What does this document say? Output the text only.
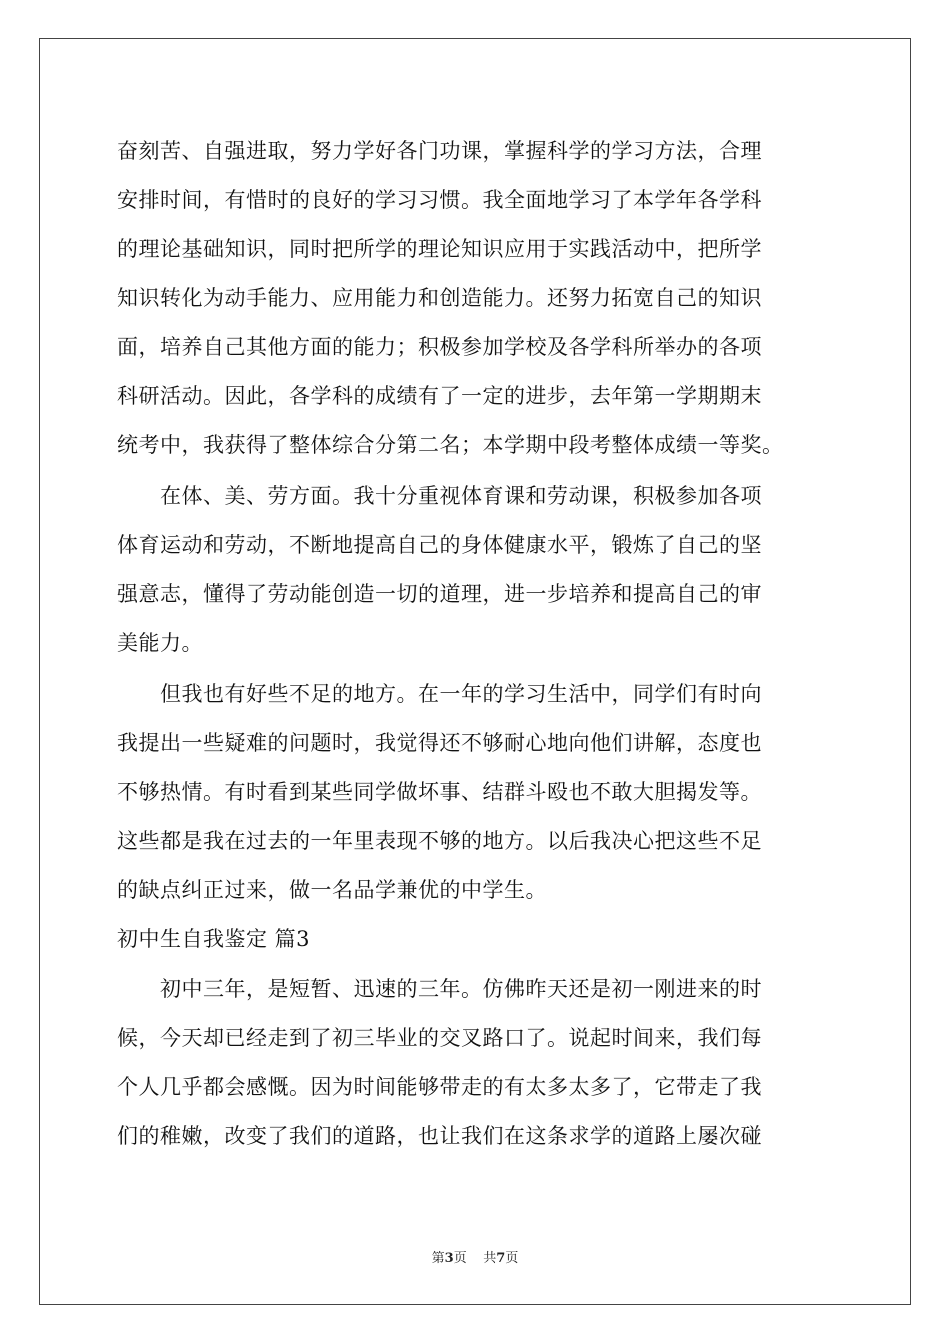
奋刻苦、自强进取，努力学好各门功课，掌握科学的学习方法，合理
安排时间，有惜时的良好的学习习惯。我全面地学习了本学年各学科
的理论基础知识，同时把所学的理论知识应用于实践活动中，把所学
知识转化为动手能力、应用能力和创造能力。还努力拓宽自己的知识
面，培养自己其他方面的能力；积极参加学校及各学科所举办的各项
科研活动。因此，各学科的成绩有了一定的进步，去年第一学期期末
统考中，我获得了整体综合分第二名；本学期中段考整体成绩一等奖。
在体、美、劳方面。我十分重视体育课和劳动课，积极参加各项
体育运动和劳动，不断地提高自己的身体健康水平，锻炼了自己的坚
强意志，懂得了劳动能创造一切的道理，进一步培养和提高自己的审
美能力。
但我也有好些不足的地方。在一年的学习生活中，同学们有时向
我提出一些疑难的问题时，我觉得还不够耐心地向他们讲解，态度也
不够热情。有时看到某些同学做坏事、结群斗殴也不敢大胆揭发等。
这些都是我在过去的一年里表现不够的地方。以后我决心把这些不足
的缺点纠正过来，做一名品学兼优的中学生。
初中生自我鉴定 篇3
初中三年，是短暂、迅速的三年。仿佛昨天还是初一刚进来的时
候，今天却已经走到了初三毕业的交叉路口了。说起时间来，我们每
个人几乎都会感慨。因为时间能够带走的有太多太多了，它带走了我
们的稚嫩，改变了我们的道路，也让我们在这条求学的道路上屡次碰
第3页 共7页
